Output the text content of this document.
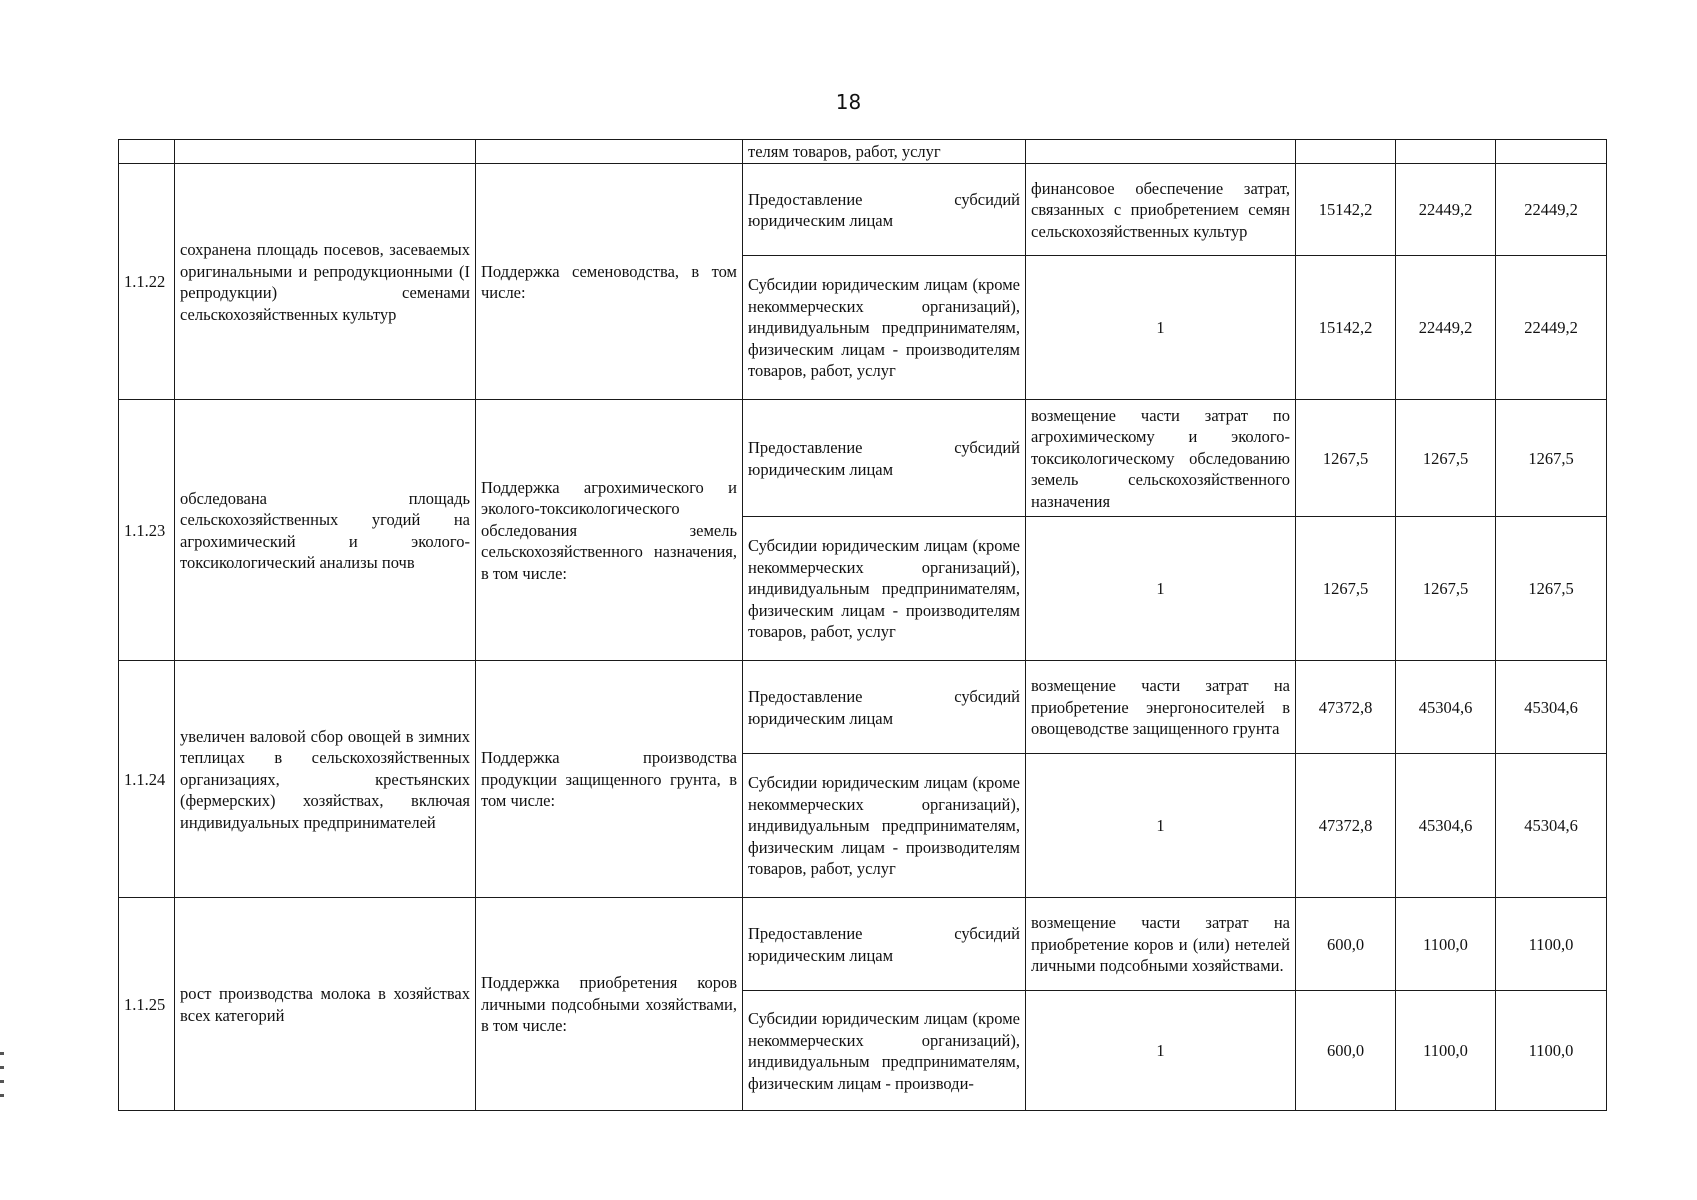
18
			телям товаров, работ, услуг				
1.1.22	сохранена площадь посевов, засеваемых оригинальными и репродукционными (I репродукции) семенами сельскохозяйственных культур	Поддержка семеноводства, в том числе:	Предоставление субсидий юридическим лицам	финансовое обеспечение затрат, связанных с приобретением семян сельскохозяйственных культур	15142,2	22449,2	22449,2
			Субсидии юридическим лицам (кроме некоммерческих организаций), индивидуальным предпринимателям, физическим лицам - производителям товаров, работ, услуг	1	15142,2	22449,2	22449,2
1.1.23	обследована площадь сельскохозяйственных угодий на агрохимический и эколого-токсикологический анализы почв	Поддержка агрохимического и эколого-токсикологического обследования земель сельскохозяйственного назначения, в том числе:	Предоставление субсидий юридическим лицам	возмещение части затрат по агрохимическому и эколого-токсикологическому обследованию земель сельскохозяйственного назначения	1267,5	1267,5	1267,5
			Субсидии юридическим лицам (кроме некоммерческих организаций), индивидуальным предпринимателям, физическим лицам - производителям товаров, работ, услуг	1	1267,5	1267,5	1267,5
1.1.24	увеличен валовой сбор овощей в зимних теплицах в сельскохозяйственных организациях, крестьянских (фермерских) хозяйствах, включая индивидуальных предпринимателей	Поддержка производства продукции защищенного грунта, в том числе:	Предоставление субсидий юридическим лицам	возмещение части затрат на приобретение энергоносителей в овощеводстве защищенного грунта	47372,8	45304,6	45304,6
			Субсидии юридическим лицам (кроме некоммерческих организаций), индивидуальным предпринимателям, физическим лицам - производителям товаров, работ, услуг	1	47372,8	45304,6	45304,6
1.1.25	рост производства молока в хозяйствах всех категорий	Поддержка приобретения коров личными подсобными хозяйствами, в том числе:	Предоставление субсидий юридическим лицам	возмещение части затрат на приобретение коров и (или) нетелей личными подсобными хозяйствами.	600,0	1100,0	1100,0
			Субсидии юридическим лицам (кроме некоммерческих организаций), индивидуальным предпринимателям, физическим лицам - производи-	1	600,0	1100,0	1100,0
